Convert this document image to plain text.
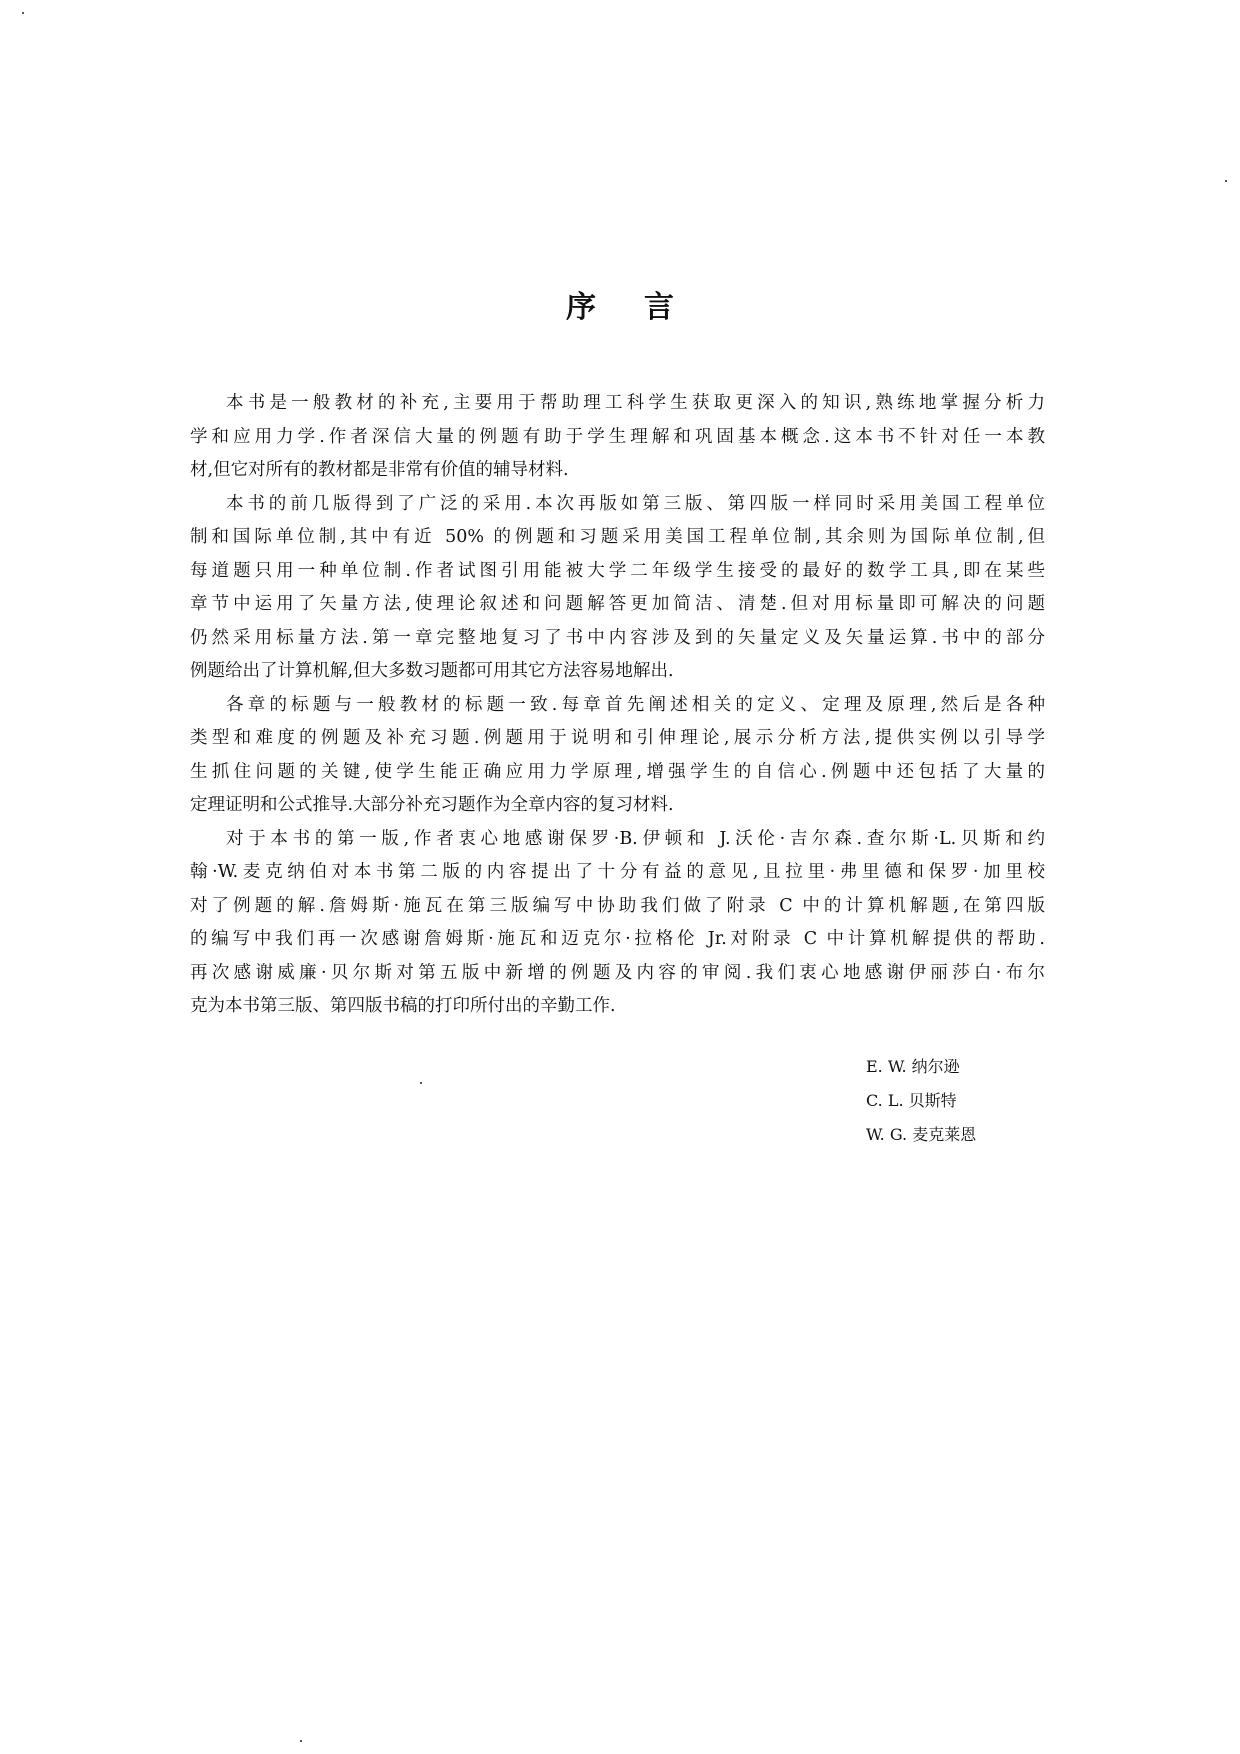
序 言
本书是一般教材的补充,主要用于帮助理工科学生获取更深入的知识,熟练地掌握分析力
学和应用力学.作者深信大量的例题有助于学生理解和巩固基本概念.这本书不针对任一本教
材,但它对所有的教材都是非常有价值的辅导材料.
本书的前几版得到了广泛的采用.本次再版如第三版、第四版一样同时采用美国工程单位
制和国际单位制,其中有近 50% 的例题和习题采用美国工程单位制,其余则为国际单位制,但
每道题只用一种单位制.作者试图引用能被大学二年级学生接受的最好的数学工具,即在某些
章节中运用了矢量方法,使理论叙述和问题解答更加简洁、清楚.但对用标量即可解决的问题
仍然采用标量方法.第一章完整地复习了书中内容涉及到的矢量定义及矢量运算.书中的部分
例题给出了计算机解,但大多数习题都可用其它方法容易地解出.
各章的标题与一般教材的标题一致.每章首先阐述相关的定义、定理及原理,然后是各种
类型和难度的例题及补充习题.例题用于说明和引伸理论,展示分析方法,提供实例以引导学
生抓住问题的关键,使学生能正确应用力学原理,增强学生的自信心.例题中还包括了大量的
定理证明和公式推导.大部分补充习题作为全章内容的复习材料.
对于本书的第一版,作者衷心地感谢保罗·B.伊顿和 J.沃伦·吉尔森.查尔斯·L.贝斯和约
翰·W.麦克纳伯对本书第二版的内容提出了十分有益的意见,且拉里·弗里德和保罗·加里校
对了例题的解.詹姆斯·施瓦在第三版编写中协助我们做了附录 C 中的计算机解题,在第四版
的编写中我们再一次感谢詹姆斯·施瓦和迈克尔·拉格伦 Jr.对附录 C 中计算机解提供的帮助.
再次感谢威廉·贝尔斯对第五版中新增的例题及内容的审阅.我们衷心地感谢伊丽莎白·布尔
克为本书第三版、第四版书稿的打印所付出的辛勤工作.
E. W. 纳尔逊
C. L. 贝斯特
W. G. 麦克莱恩
